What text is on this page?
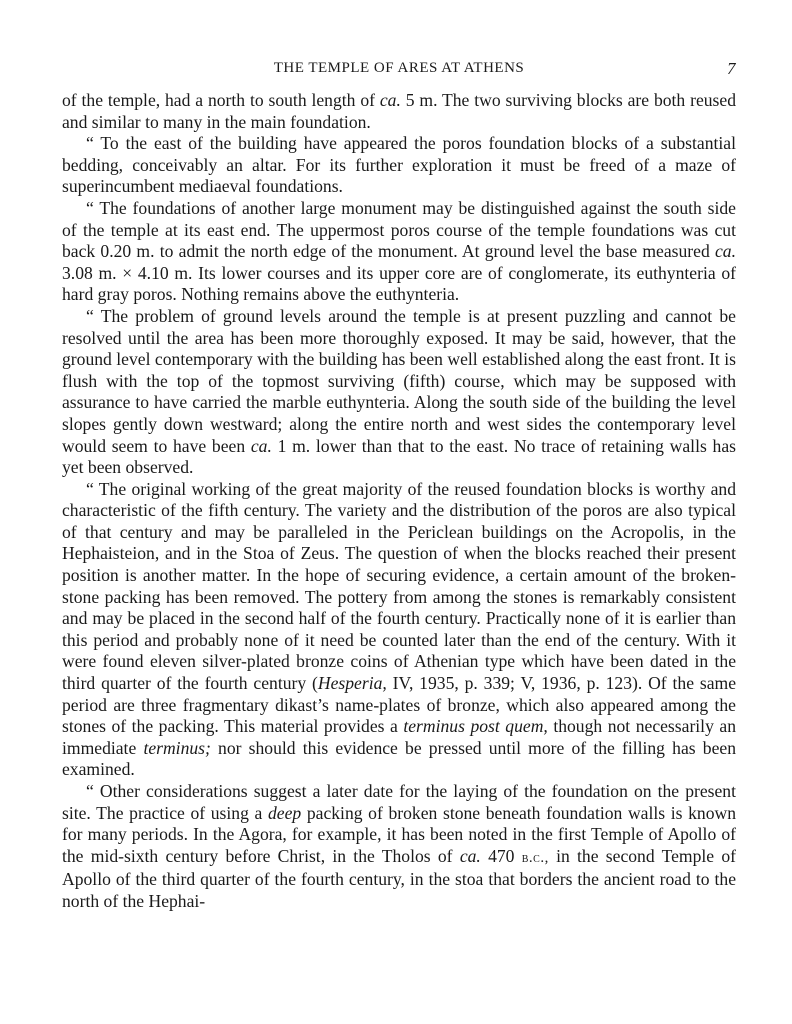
THE TEMPLE OF ARES AT ATHENS	7

of the temple, had a north to south length of ca. 5 m. The two surviving blocks are both reused and similar to many in the main foundation.

“ To the east of the building have appeared the poros foundation blocks of a substantial bedding, conceivably an altar. For its further exploration it must be freed of a maze of superincumbent mediaeval foundations.

“ The foundations of another large monument may be distinguished against the south side of the temple at its east end. The uppermost poros course of the temple foundations was cut back 0.20 m. to admit the north edge of the monument. At ground level the base measured ca. 3.08 m. × 4.10 m. Its lower courses and its upper core are of conglomerate, its euthynteria of hard gray poros. Nothing remains above the euthynteria.

“ The problem of ground levels around the temple is at present puzzling and cannot be resolved until the area has been more thoroughly exposed. It may be said, however, that the ground level contemporary with the building has been well established along the east front. It is flush with the top of the topmost surviving (fifth) course, which may be supposed with assurance to have carried the marble euthynteria. Along the south side of the building the level slopes gently down westward; along the entire north and west sides the contemporary level would seem to have been ca. 1 m. lower than that to the east. No trace of retaining walls has yet been observed.

“ The original working of the great majority of the reused foundation blocks is worthy and characteristic of the fifth century. The variety and the distribution of the poros are also typical of that century and may be paralleled in the Periclean buildings on the Acropolis, in the Hephaisteion, and in the Stoa of Zeus. The question of when the blocks reached their present position is another matter. In the hope of securing evidence, a certain amount of the broken-stone packing has been removed. The pottery from among the stones is remarkably consistent and may be placed in the second half of the fourth century. Practically none of it is earlier than this period and probably none of it need be counted later than the end of the century. With it were found eleven silver-plated bronze coins of Athenian type which have been dated in the third quarter of the fourth century (Hesperia, IV, 1935, p. 339; V, 1936, p. 123). Of the same period are three fragmentary dikast’s name-plates of bronze, which also appeared among the stones of the packing. This material provides a terminus post quem, though not necessarily an immediate terminus; nor should this evidence be pressed until more of the filling has been examined.

“ Other considerations suggest a later date for the laying of the foundation on the present site. The practice of using a deep packing of broken stone beneath foundation walls is known for many periods. In the Agora, for example, it has been noted in the first Temple of Apollo of the mid-sixth century before Christ, in the Tholos of ca. 470 b.c., in the second Temple of Apollo of the third quarter of the fourth century, in the stoa that borders the ancient road to the north of the Hephai-
